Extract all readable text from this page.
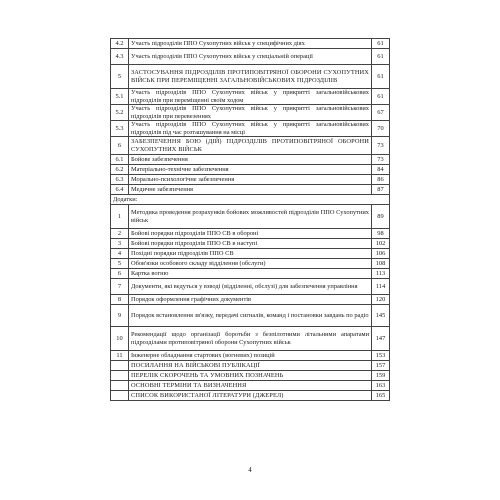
4.2	Участь підрозділів ППО Сухопутних військ у специфічних діях	61
4.3	Участь підрозділів ППО Сухопутних військ у спеціальній операції	61
5	ЗАСТОСУВАННЯ ПІДРОЗДІЛІВ ПРОТИПОВІТРЯНОЇ ОБОРОНИ СУХОПУТНИХ ВІЙСЬК ПРИ ПЕРЕМІЩЕННІ ЗАГАЛЬНОВІЙСЬКОВИХ ПІДРОЗДІЛІВ	61
5.1	Участь підрозділів ППО Сухопутних військ у прикритті загальновійськових підрозділів при переміщенні своїм ходом	61
5.2	Участь підрозділів ППО Сухопутних військ у прикритті загальновійськових підрозділів при перевезеннях	67
5.3	Участь підрозділів ППО Сухопутних військ у прикритті загальновійськових підрозділів під час розташування на місці	70
6	ЗАБЕЗПЕЧЕННЯ БОЮ (ДІЙ) ПІДРОЗДІЛІВ ПРОТИПОВІТРЯНОЇ ОБОРОНИ СУХОПУТНИХ ВІЙСЬК	73
6.1	Бойове забезпечення	73
6.2	Матеріально-технічне забезпечення	84
6.3	Морально-психологічне забезпечення	86
6.4	Медичне забезпечення	87
Додатки:		
1	Методика проведення розрахунків бойових можливостей підрозділів ППО Сухопутних військ	89
2	Бойові порядки підрозділів ППО СВ в обороні	98
3	Бойові порядки підрозділів ППО СВ в наступі	102
4	Похідні порядки підрозділів ППО СВ	106
5	Обов'язки особового складу відділення (обслуги)	108
6	Картка вогню	113
7	Документи, які ведуться у взводі (відділенні, обслузі) для забезпечення управління	114
8	Порядок оформлення графічних документів	120
9	Порядок встановлення зв'язку, передачі сигналів, команд і постановки завдань по радіо	145
10	Рекомендації щодо організації боротьби з безпілотними літальними апаратами підрозділами протиповітряної оборони Сухопутних військ	147
11	Інженерне обладнання стартових (вогневих) позицій	153
	ПОСИЛАННЯ НА ВІЙСЬКОВІ ПУБЛІКАЦІЇ	157
	ПЕРЕЛІК СКОРОЧЕНЬ ТА УМОВНИХ ПОЗНАЧЕНЬ	159
	ОСНОВНІ ТЕРМІНИ ТА ВИЗНАЧЕННЯ	163
	СПИСОК ВИКОРИСТАНОЇ ЛІТЕРАТУРИ (ДЖЕРЕЛ)	165
4
